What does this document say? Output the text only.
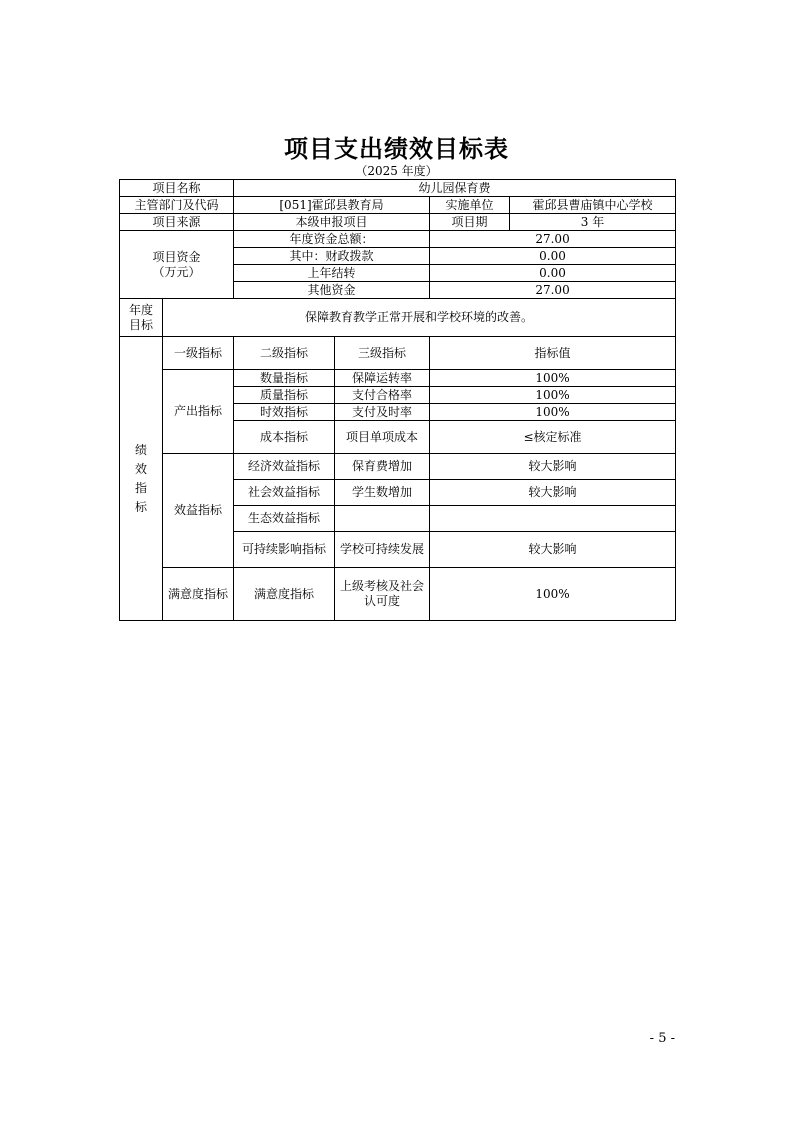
项目支出绩效目标表
（2025 年度）
项目名称		幼儿园保育费			
主管部门及代码		[051]霍邱县教育局		实施单位	霍邱县曹庙镇中心学校
项目来源		本级申报项目		项目期	3 年

项目资金
（万元）		年度资金总额：		27.00	
		其中：财政拨款		0.00	
		上年结转		0.00	
		其他资金		27.00	

年度
目标	保障教育教学正常开展和学校环境的改善。				
绩效指标	一级指标	二级指标	三级指标	指标值	
	产出指标	数量指标	保障运转率	100%	
		质量指标	支付合格率	100%	
		时效指标	支付及时率	100%	
		成本指标	项目单项成本	≤核定标准	
	效益指标	经济效益指标	保育费增加	较大影响	
		社会效益指标	学生数增加	较大影响	
		生态效益指标			
		可持续影响指标	学校可持续发展	较大影响	
	满意度指标	满意度指标	上级考核及社会认可度	100%	
- 5 -
